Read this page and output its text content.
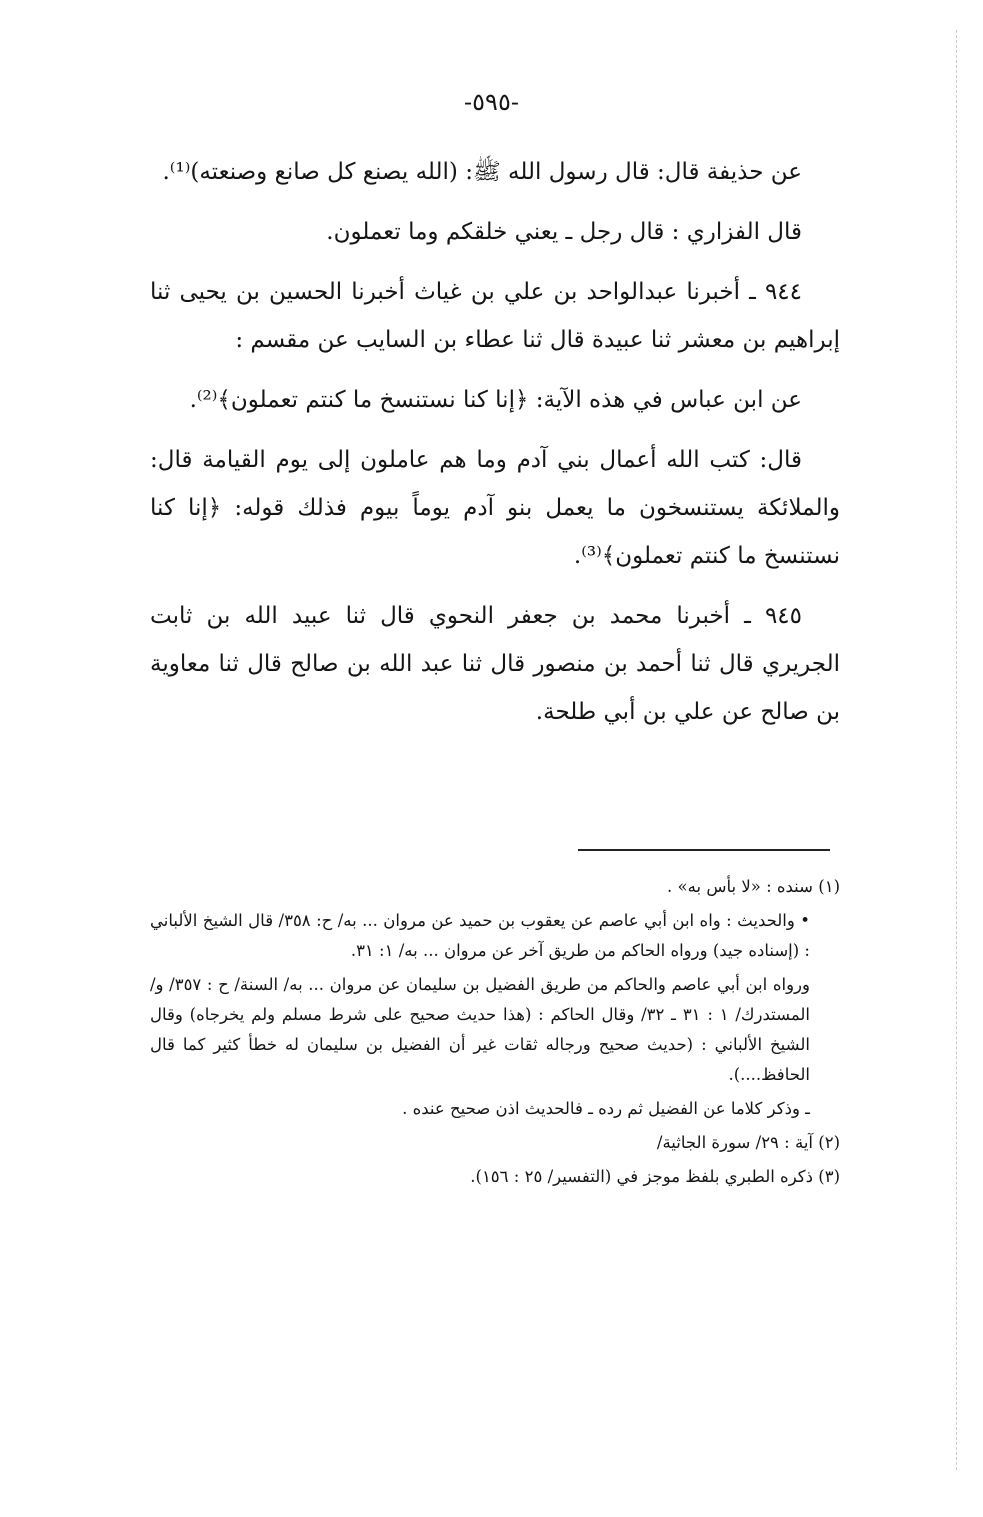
-٥٩٥-

عن حذيفة قال: قال رسول الله ﷺ: (الله يصنع كل صانع وصنعته)⁽¹⁾.

قال الفزاري : قال رجل ـ يعني خلقكم وما تعملون.

٩٤٤ ـ أخبرنا عبدالواحد بن علي بن غياث أخبرنا الحسين بن يحيى ثنا إبراهيم بن معشر ثنا عبيدة قال ثنا عطاء بن السايب عن مقسم :

عن ابن عباس في هذه الآية: ﴿إنا كنا نستنسخ ما كنتم تعملون﴾⁽²⁾.

قال: كتب الله أعمال بني آدم وما هم عاملون إلى يوم القيامة قال: والملائكة يستنسخون ما يعمل بنو آدم يوماً بيوم فذلك قوله: ﴿إنا كنا نستنسخ ما كنتم تعملون﴾⁽³⁾.

٩٤٥ ـ أخبرنا محمد بن جعفر النحوي قال ثنا عبيد الله بن ثابت الجريري قال ثنا أحمد بن منصور قال ثنا عبد الله بن صالح قال ثنا معاوية بن صالح عن علي بن أبي طلحة.

(١) سنده : «لا بأس به» .
• والحديث : واه ابن أبي عاصم عن يعقوب بن حميد عن مروان ... به/ ح: ٣٥٨/ قال الشيخ الألباني : (إسناده جيد) ورواه الحاكم من طريق آخر عن مروان ... به/ ١: ٣١.
ورواه ابن أبي عاصم والحاكم من طريق الفضيل بن سليمان عن مروان ... به/ السنة/ ح : ٣٥٧/ و/ المستدرك/ ١ : ٣١ ـ ٣٢/ وقال الحاكم : (هذا حديث صحيح على شرط مسلم ولم يخرجاه) وقال الشيخ الألباني : (حديث صحيح ورجاله ثقات غير أن الفضيل بن سليمان له خطأ كثير كما قال الحافظ....).
ـ وذكر كلاما عن الفضيل ثم رده ـ فالحديث اذن صحيح عنده .
(٢) آية : ٢٩/ سورة الجاثية/
(٣) ذكره الطبري بلفظ موجز في (التفسير/ ٢٥ : ١٥٦).
